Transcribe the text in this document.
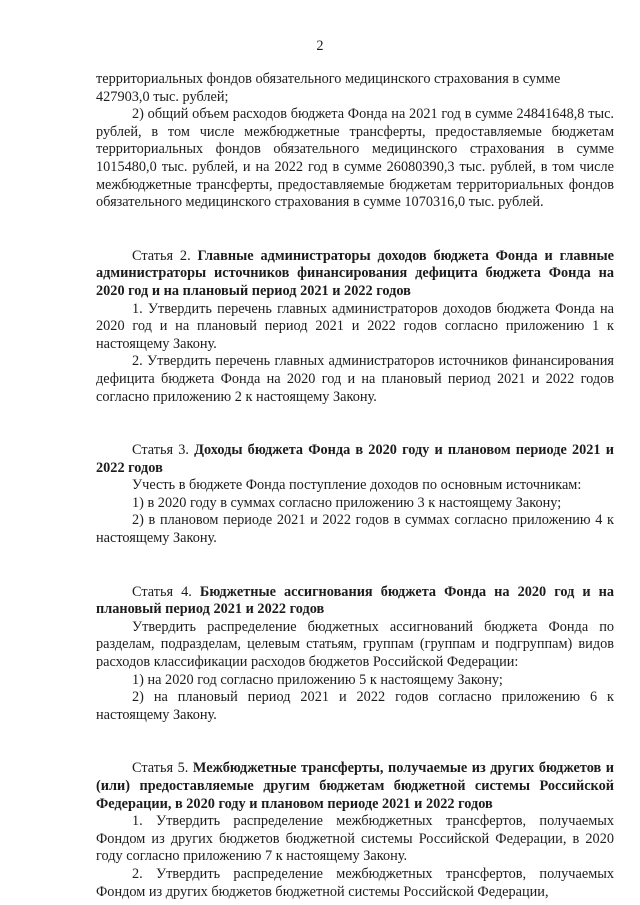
2

территориальных фондов обязательного медицинского страхования в сумме 427903,0 тыс. рублей;

2) общий объем расходов бюджета Фонда на 2021 год в сумме 24841648,8 тыс. рублей, в том числе межбюджетные трансферты, предоставляемые бюджетам территориальных фондов обязательного медицинского страхования в сумме 1015480,0 тыс. рублей, и на 2022 год в сумме 26080390,3 тыс. рублей, в том числе межбюджетные трансферты, предоставляемые бюджетам территориальных фондов обязательного медицинского страхования в сумме 1070316,0 тыс. рублей.

Статья 2. Главные администраторы доходов бюджета Фонда и главные администраторы источников финансирования дефицита бюджета Фонда на 2020 год и на плановый период 2021 и 2022 годов

1. Утвердить перечень главных администраторов доходов бюджета Фонда на 2020 год и на плановый период 2021 и 2022 годов согласно приложению 1 к настоящему Закону.

2. Утвердить перечень главных администраторов источников финансирования дефицита бюджета Фонда на 2020 год и на плановый период 2021 и 2022 годов согласно приложению 2 к настоящему Закону.

Статья 3. Доходы бюджета Фонда в 2020 году и плановом периоде 2021 и 2022 годов

Учесть в бюджете Фонда поступление доходов по основным источникам:

1) в 2020 году в суммах согласно приложению 3 к настоящему Закону;

2) в плановом периоде 2021 и 2022 годов в суммах согласно приложению 4 к настоящему Закону.

Статья 4. Бюджетные ассигнования бюджета Фонда на 2020 год и на плановый период 2021 и 2022 годов

Утвердить распределение бюджетных ассигнований бюджета Фонда по разделам, подразделам, целевым статьям, группам (группам и подгруппам) видов расходов классификации расходов бюджетов Российской Федерации:

1) на 2020 год согласно приложению 5 к настоящему Закону;

2) на плановый период 2021 и 2022 годов согласно приложению 6 к настоящему Закону.

Статья 5. Межбюджетные трансферты, получаемые из других бюджетов и (или) предоставляемые другим бюджетам бюджетной системы Российской Федерации, в 2020 году и плановом периоде 2021 и 2022 годов

1. Утвердить распределение межбюджетных трансфертов, получаемых Фондом из других бюджетов бюджетной системы Российской Федерации, в 2020 году согласно приложению 7 к настоящему Закону.

2. Утвердить распределение межбюджетных трансфертов, получаемых Фондом из других бюджетов бюджетной системы Российской Федерации,
